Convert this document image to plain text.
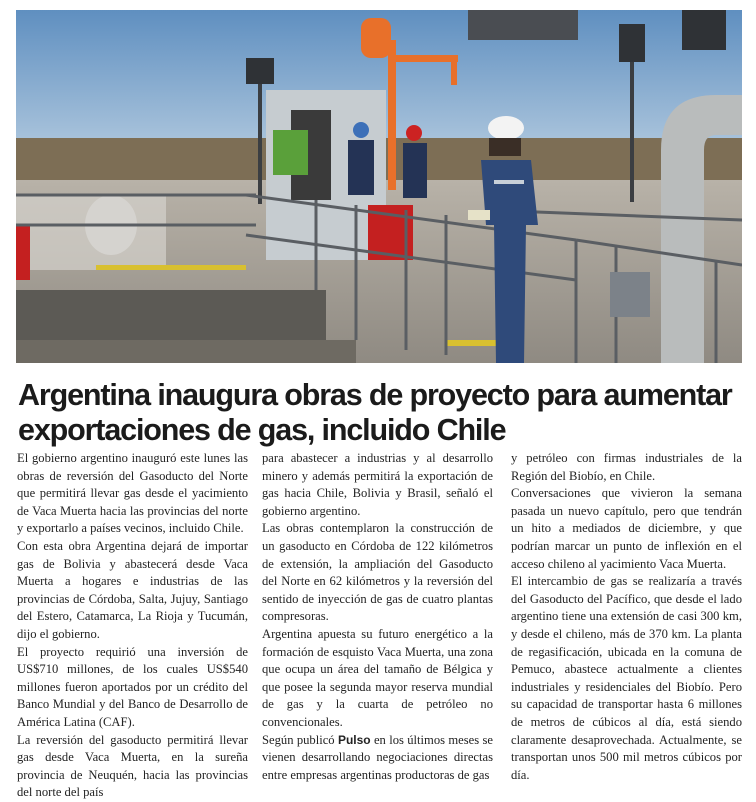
Argentina inaugura obras de proyecto para aumentar exportaciones de gas, incluido Chile

El gobierno argentino inauguró este lunes las obras de reversión del Gasoducto del Norte que permitirá llevar gas desde el yacimiento de Vaca Muerta hacia las provincias del norte y exportarlo a países vecinos, incluido Chile.

Con esta obra Argentina dejará de importar gas de Bolivia y abastecerá desde Vaca Muerta a hogares e industrias de las provincias de Córdoba, Salta, Jujuy, Santiago del Estero, Catamarca, La Rioja y Tucumán, dijo el gobierno.

El proyecto requirió una inversión de US$710 millones, de los cuales US$540 millones fueron aportados por un crédito del Banco Mundial y del Banco de Desarrollo de América Latina (CAF).

La reversión del gasoducto permitirá llevar gas desde Vaca Muerta, en la sureña provincia de Neuquén, hacia las provincias del norte del país

para abastecer a industrias y al desarrollo minero y además permitirá la exportación de gas hacia Chile, Bolivia y Brasil, señaló el gobierno argentino.

Las obras contemplaron la construcción de un gasoducto en Córdoba de 122 kilómetros de extensión, la ampliación del Gasoducto del Norte en 62 kilómetros y la reversión del sentido de inyección de gas de cuatro plantas compresoras.

Argentina apuesta su futuro energético a la formación de esquisto Vaca Muerta, una zona que ocupa un área del tamaño de Bélgica y que posee la segunda mayor reserva mundial de gas y la cuarta de petróleo no convencionales.

Según publicó Pulso en los últimos meses se vienen desarrollando negociaciones directas entre empresas argentinas productoras de gas

y petróleo con firmas industriales de la Región del Biobío, en Chile.

Conversaciones que vivieron la semana pasada un nuevo capítulo, pero que tendrán un hito a mediados de diciembre, y que podrían marcar un punto de inflexión en el acceso chileno al yacimiento Vaca Muerta.

El intercambio de gas se realizaría a través del Gasoducto del Pacífico, que desde el lado argentino tiene una extensión de casi 300 km, y desde el chileno, más de 370 km. La planta de regasificación, ubicada en la comuna de Pemuco, abastece actualmente a clientes industriales y residenciales del Biobío. Pero su capacidad de transportar hasta 6 millones de metros de cúbicos al día, está siendo claramente desaprovechada. Actualmente, se transportan unos 500 mil metros cúbicos por día.
